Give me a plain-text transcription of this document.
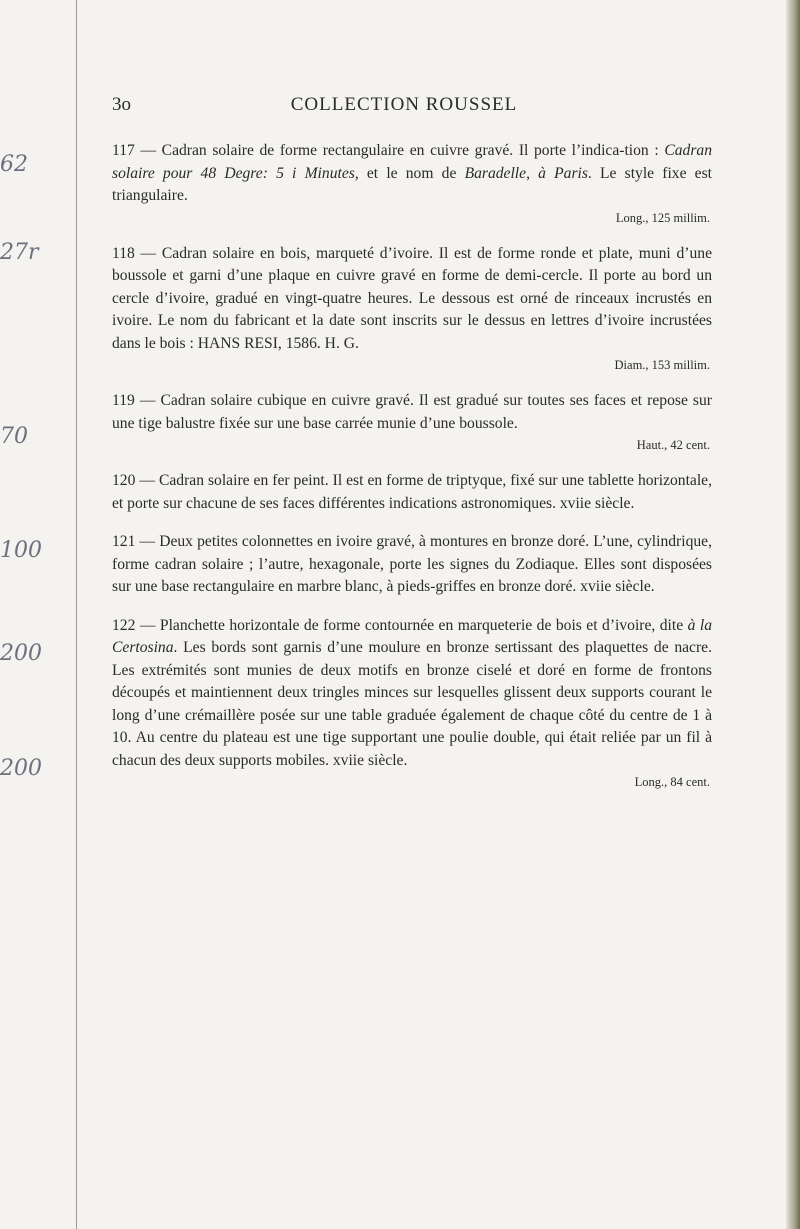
3o	COLLECTION ROUSSEL
62
27r
70
100
200
200
117 — Cadran solaire de forme rectangulaire en cuivre gravé. Il porte l’indica-tion : Cadran solaire pour 48 Degre: 5 i Minutes, et le nom de Baradelle, à Paris. Le style fixe est triangulaire.
Long., 125 millim.
118 — Cadran solaire en bois, marqueté d’ivoire. Il est de forme ronde et plate, muni d’une boussole et garni d’une plaque en cuivre gravé en forme de demi-cercle. Il porte au bord un cercle d’ivoire, gradué en vingt-quatre heures. Le dessous est orné de rinceaux incrustés en ivoire. Le nom du fabricant et la date sont inscrits sur le dessus en lettres d’ivoire incrustées dans le bois : HANS RESI, 1586. H. G.
Diam., 153 millim.
119 — Cadran solaire cubique en cuivre gravé. Il est gradué sur toutes ses faces et repose sur une tige balustre fixée sur une base carrée munie d’une boussole.
Haut., 42 cent.
120 — Cadran solaire en fer peint. Il est en forme de triptyque, fixé sur une tablette horizontale, et porte sur chacune de ses faces différentes indications astronomiques. xviie siècle.
121 — Deux petites colonnettes en ivoire gravé, à montures en bronze doré. L’une, cylindrique, forme cadran solaire ; l’autre, hexagonale, porte les signes du Zodiaque. Elles sont disposées sur une base rectangulaire en marbre blanc, à pieds-griffes en bronze doré. xviie siècle.
122 — Planchette horizontale de forme contournée en marqueterie de bois et d’ivoire, dite à la Certosina. Les bords sont garnis d’une moulure en bronze sertissant des plaquettes de nacre. Les extrémités sont munies de deux motifs en bronze ciselé et doré en forme de frontons découpés et maintiennent deux tringles minces sur lesquelles glissent deux supports courant le long d’une crémaillère posée sur une table graduée également de chaque côté du centre de 1 à 10. Au centre du plateau est une tige supportant une poulie double, qui était reliée par un fil à chacun des deux supports mobiles. xviie siècle.
Long., 84 cent.
